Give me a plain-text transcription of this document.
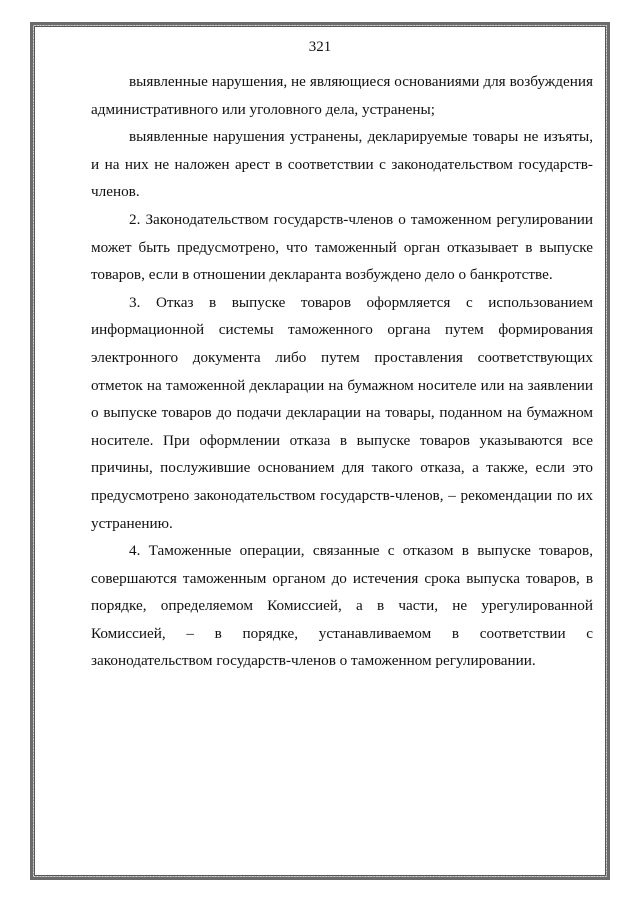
321

выявленные нарушения, не являющиеся основаниями для возбуждения административного или уголовного дела, устранены;

выявленные нарушения устранены, декларируемые товары не изъяты, и на них не наложен арест в соответствии с законодательством государств-членов.

2. Законодательством государств-членов о таможенном регулировании может быть предусмотрено, что таможенный орган отказывает в выпуске товаров, если в отношении декларанта возбуждено дело о банкротстве.

3. Отказ в выпуске товаров оформляется с использованием информационной системы таможенного органа путем формирования электронного документа либо путем проставления соответствующих отметок на таможенной декларации на бумажном носителе или на заявлении о выпуске товаров до подачи декларации на товары, поданном на бумажном носителе. При оформлении отказа в выпуске товаров указываются все причины, послужившие основанием для такого отказа, а также, если это предусмотрено законодательством государств-членов, – рекомендации по их устранению.

4. Таможенные операции, связанные с отказом в выпуске товаров, совершаются таможенным органом до истечения срока выпуска товаров, в порядке, определяемом Комиссией, а в части, не урегулированной Комиссией, – в порядке, устанавливаемом в соответствии с законодательством государств-членов о таможенном регулировании.
